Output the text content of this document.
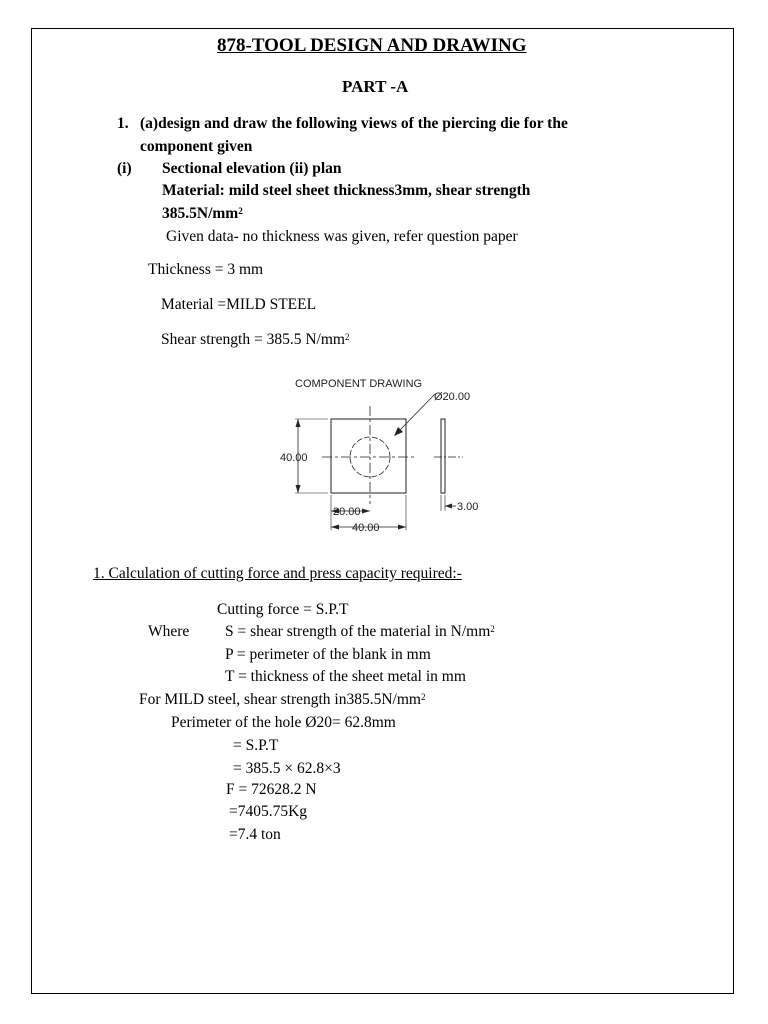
878-TOOL DESIGN AND DRAWING
PART -A
1. (a)design and draw the following views of the piercing die for the
component given
(i) Sectional elevation (ii) plan
Material: mild steel sheet thickness3mm, shear strength
$385.5N/mm^2$
Given data- no thickness was given, refer question paper
Thickness = 3 mm
Material =MILD STEEL
Shear strength = 385.5 $N/mm^2$
COMPONENT DRAWING
Ø20.00
40.00
20.00
40.00
3.00
1. Calculation of cutting force and press capacity required:-
Cutting force = S.P.T
Where S = shear strength of the material in $N/mm^2$
P = perimeter of the blank in mm
T = thickness of the sheet metal in mm
For MILD steel, shear strength $in385.5N/mm^2$
Perimeter of the hole Ø20= 62.8mm
= S.P.T
= 385.5 × 62.8×3
F = 72628.2 N
=7405.75Kg
=7.4 ton
